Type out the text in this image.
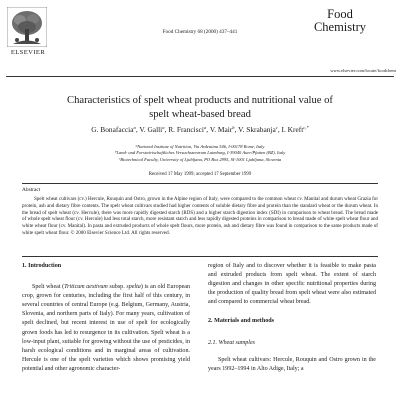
ELSEVIER
Food Chemistry 68 (2000) 437–441
Food
Chemistry
www.elsevier.com/locate/foodchem
Characteristics of spelt wheat products and nutritional value of
spelt wheat-based bread
G. Bonafaccia$^a$, V. Galli$^a$, R. Francisci$^a$, V. Mair$^b$, V. Skrabanja$^c$, I. Kreft$^{c,*}$
$^a$National Institute of Nutrition, Via Ardeatina 546, I-00178 Rome, Italy
$^b$Land- und Forstwirtschaftliches Versuchszentrum Laimburg, I-39040 Auer/Pfatten (BZ), Italy
$^c$Biotechnical Faculty, University of Ljubljana, PO Box 2995, SI-1001 Ljubljana, Slovenia
Received 17 May 1999; accepted 17 September 1999
Abstract
Spelt wheat cultivars (cv.) Hercule, Rouquin and Ostro, grown in the Alpine region of Italy, were compared to the common wheat cv. Manital and durum wheat Grazia for protein, ash and dietary fibre contents. The spelt wheat cultivars studied had higher contents of soluble dietary fibre and protein than the standard wheat or the durum wheat. In the bread of spelt wheat (cv. Hercule), there was more rapidly digested starch (RDS) and a higher starch digestion index (SDI) in comparison to wheat bread. The bread made of whole spelt wheat flour (cv. Hercule) had less total starch, more resistant starch and less rapidly digested proteins in comparison to bread made of white spelt wheat flour and white wheat flour (cv. Manital). In pasta and extruded products of whole spelt flours, more protein, ash and dietary fibre was found in comparison to the same products made of white spelt wheat flour. © 2000 Elsevier Science Ltd. All rights reserved.
1. Introduction

Spelt wheat (Triticum aestivum subsp. spelta) is an old European crop, grown for centuries, including the first half of this century, in several countries of central Europe (e.g. Belgium, Germany, Austria, Slovenia, and northern parts of Italy). For many years, cultivation of spelt declined, but recent interest in use of spelt for ecologically grown foods has led to resurgence in its cultivation. Spelt wheat is a low-input plant, suitable for growing without the use of pesticides, in harsh ecological conditions and in marginal areas of cultivation. Hercule is one of the spelt varieties which shows promising yield potential and other agronomic character-

region of Italy and to discover whether it is feasible to make pasta and extruded products from spelt wheat. The extent of starch digestion and changes in other specific nutritional properties during the production of quality bread from spelt wheat were also estimated and compared to commercial wheat bread.

2. Materials and methods
2.1. Wheat samples

Spelt wheat cultivars: Hercule, Rouquin and Ostro grown in the years 1992–1994 in Alto Adige, Italy; a
